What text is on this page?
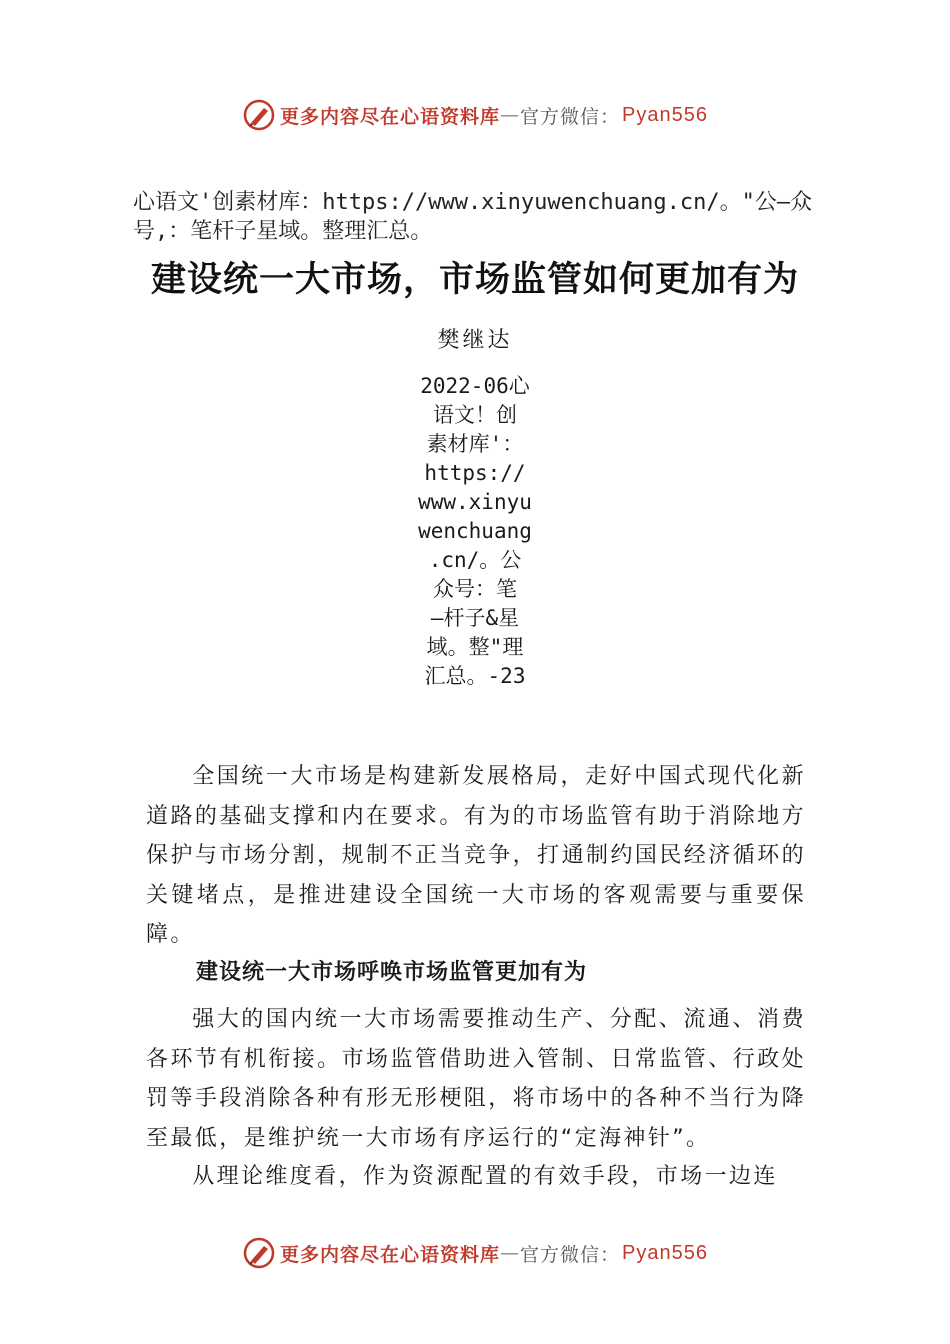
更多内容尽在心语资料库 — 官方微信： Pyan556
心语文'创素材库：https://www.xinyuwenchuang.cn/。"公—众号,：笔杆子星域。整理汇总。
建设统一大市场，市场监管如何更加有为
樊继达
2022-06心
语文！创
素材库'：
https://
www.xinyu
wenchuang
.cn/。公
众号：笔
—杆子&星
域。整"理
汇总。-23
全国统一大市场是构建新发展格局，走好中国式现代化新道路的基础支撑和内在要求。有为的市场监管有助于消除地方保护与市场分割，规制不正当竞争，打通制约国民经济循环的关键堵点，是推进建设全国统一大市场的客观需要与重要保障。
建设统一大市场呼唤市场监管更加有为
强大的国内统一大市场需要推动生产、分配、流通、消费各环节有机衔接。市场监管借助进入管制、日常监管、行政处罚等手段消除各种有形无形梗阻，将市场中的各种不当行为降至最低，是维护统一大市场有序运行的“定海神针”。
从理论维度看，作为资源配置的有效手段，市场一边连
更多内容尽在心语资料库 — 官方微信： Pyan556
